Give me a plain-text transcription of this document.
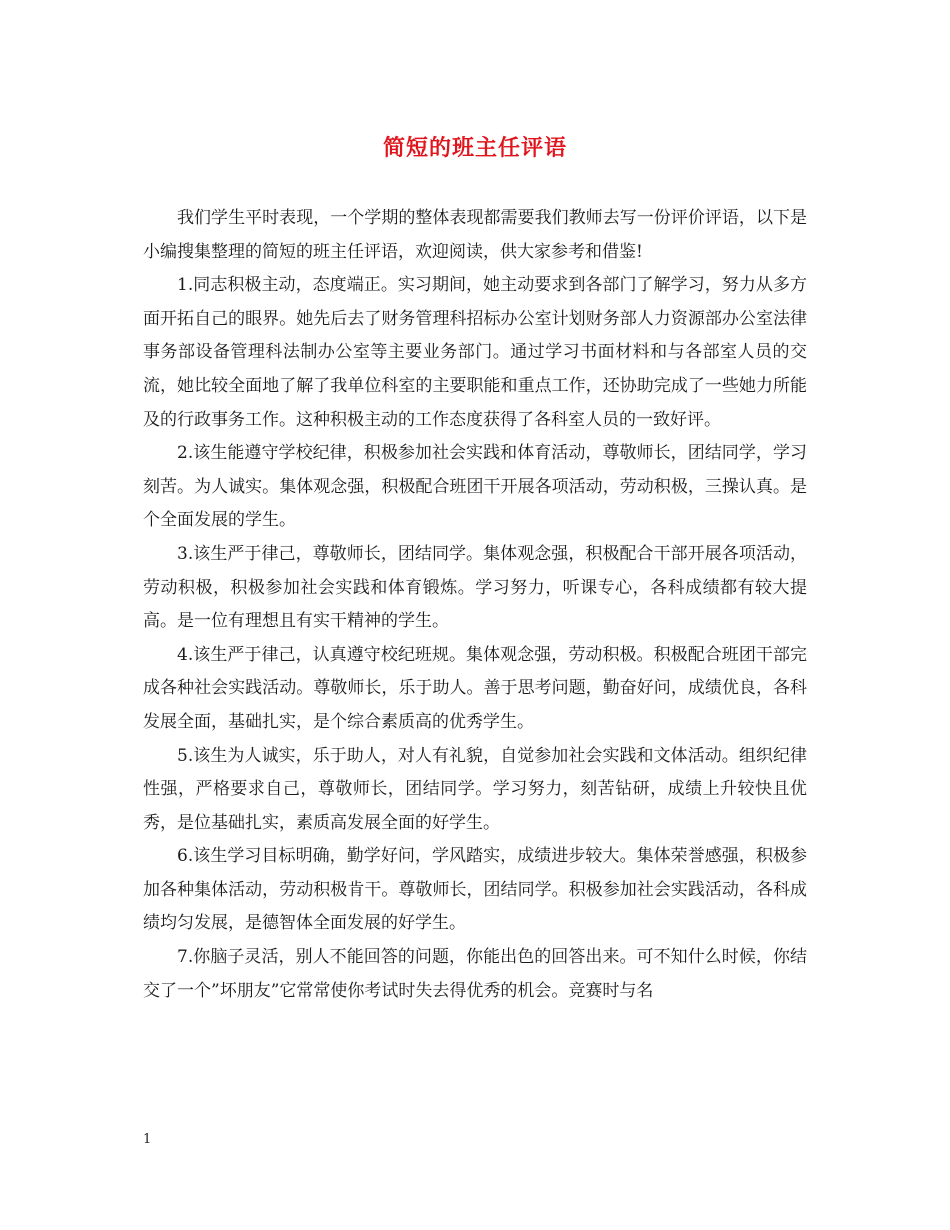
简短的班主任评语

我们学生平时表现，一个学期的整体表现都需要我们教师去写一份评价评语，以下是小编搜集整理的简短的班主任评语，欢迎阅读，供大家参考和借鉴!

1.同志积极主动，态度端正。实习期间，她主动要求到各部门了解学习，努力从多方面开拓自己的眼界。她先后去了财务管理科招标办公室计划财务部人力资源部办公室法律事务部设备管理科法制办公室等主要业务部门。通过学习书面材料和与各部室人员的交流，她比较全面地了解了我单位科室的主要职能和重点工作，还协助完成了一些她力所能及的行政事务工作。这种积极主动的工作态度获得了各科室人员的一致好评。

2.该生能遵守学校纪律，积极参加社会实践和体育活动，尊敬师长，团结同学，学习刻苦。为人诚实。集体观念强，积极配合班团干开展各项活动，劳动积极，三操认真。是个全面发展的学生。

3.该生严于律己，尊敬师长，团结同学。集体观念强，积极配合干部开展各项活动，劳动积极，积极参加社会实践和体育锻炼。学习努力，听课专心，各科成绩都有较大提高。是一位有理想且有实干精神的学生。

4.该生严于律己，认真遵守校纪班规。集体观念强，劳动积极。积极配合班团干部完成各种社会实践活动。尊敬师长，乐于助人。善于思考问题，勤奋好问，成绩优良，各科发展全面，基础扎实，是个综合素质高的优秀学生。

5.该生为人诚实，乐于助人，对人有礼貌，自觉参加社会实践和文体活动。组织纪律性强，严格要求自己，尊敬师长，团结同学。学习努力，刻苦钻研，成绩上升较快且优秀，是位基础扎实，素质高发展全面的好学生。

6.该生学习目标明确，勤学好问，学风踏实，成绩进步较大。集体荣誉感强，积极参加各种集体活动，劳动积极肯干。尊敬师长，团结同学。积极参加社会实践活动，各科成绩均匀发展，是德智体全面发展的好学生。

7.你脑子灵活，别人不能回答的问题，你能出色的回答出来。可不知什么时候，你结交了一个”坏朋友”它常常使你考试时失去得优秀的机会。竞赛时与名

1
